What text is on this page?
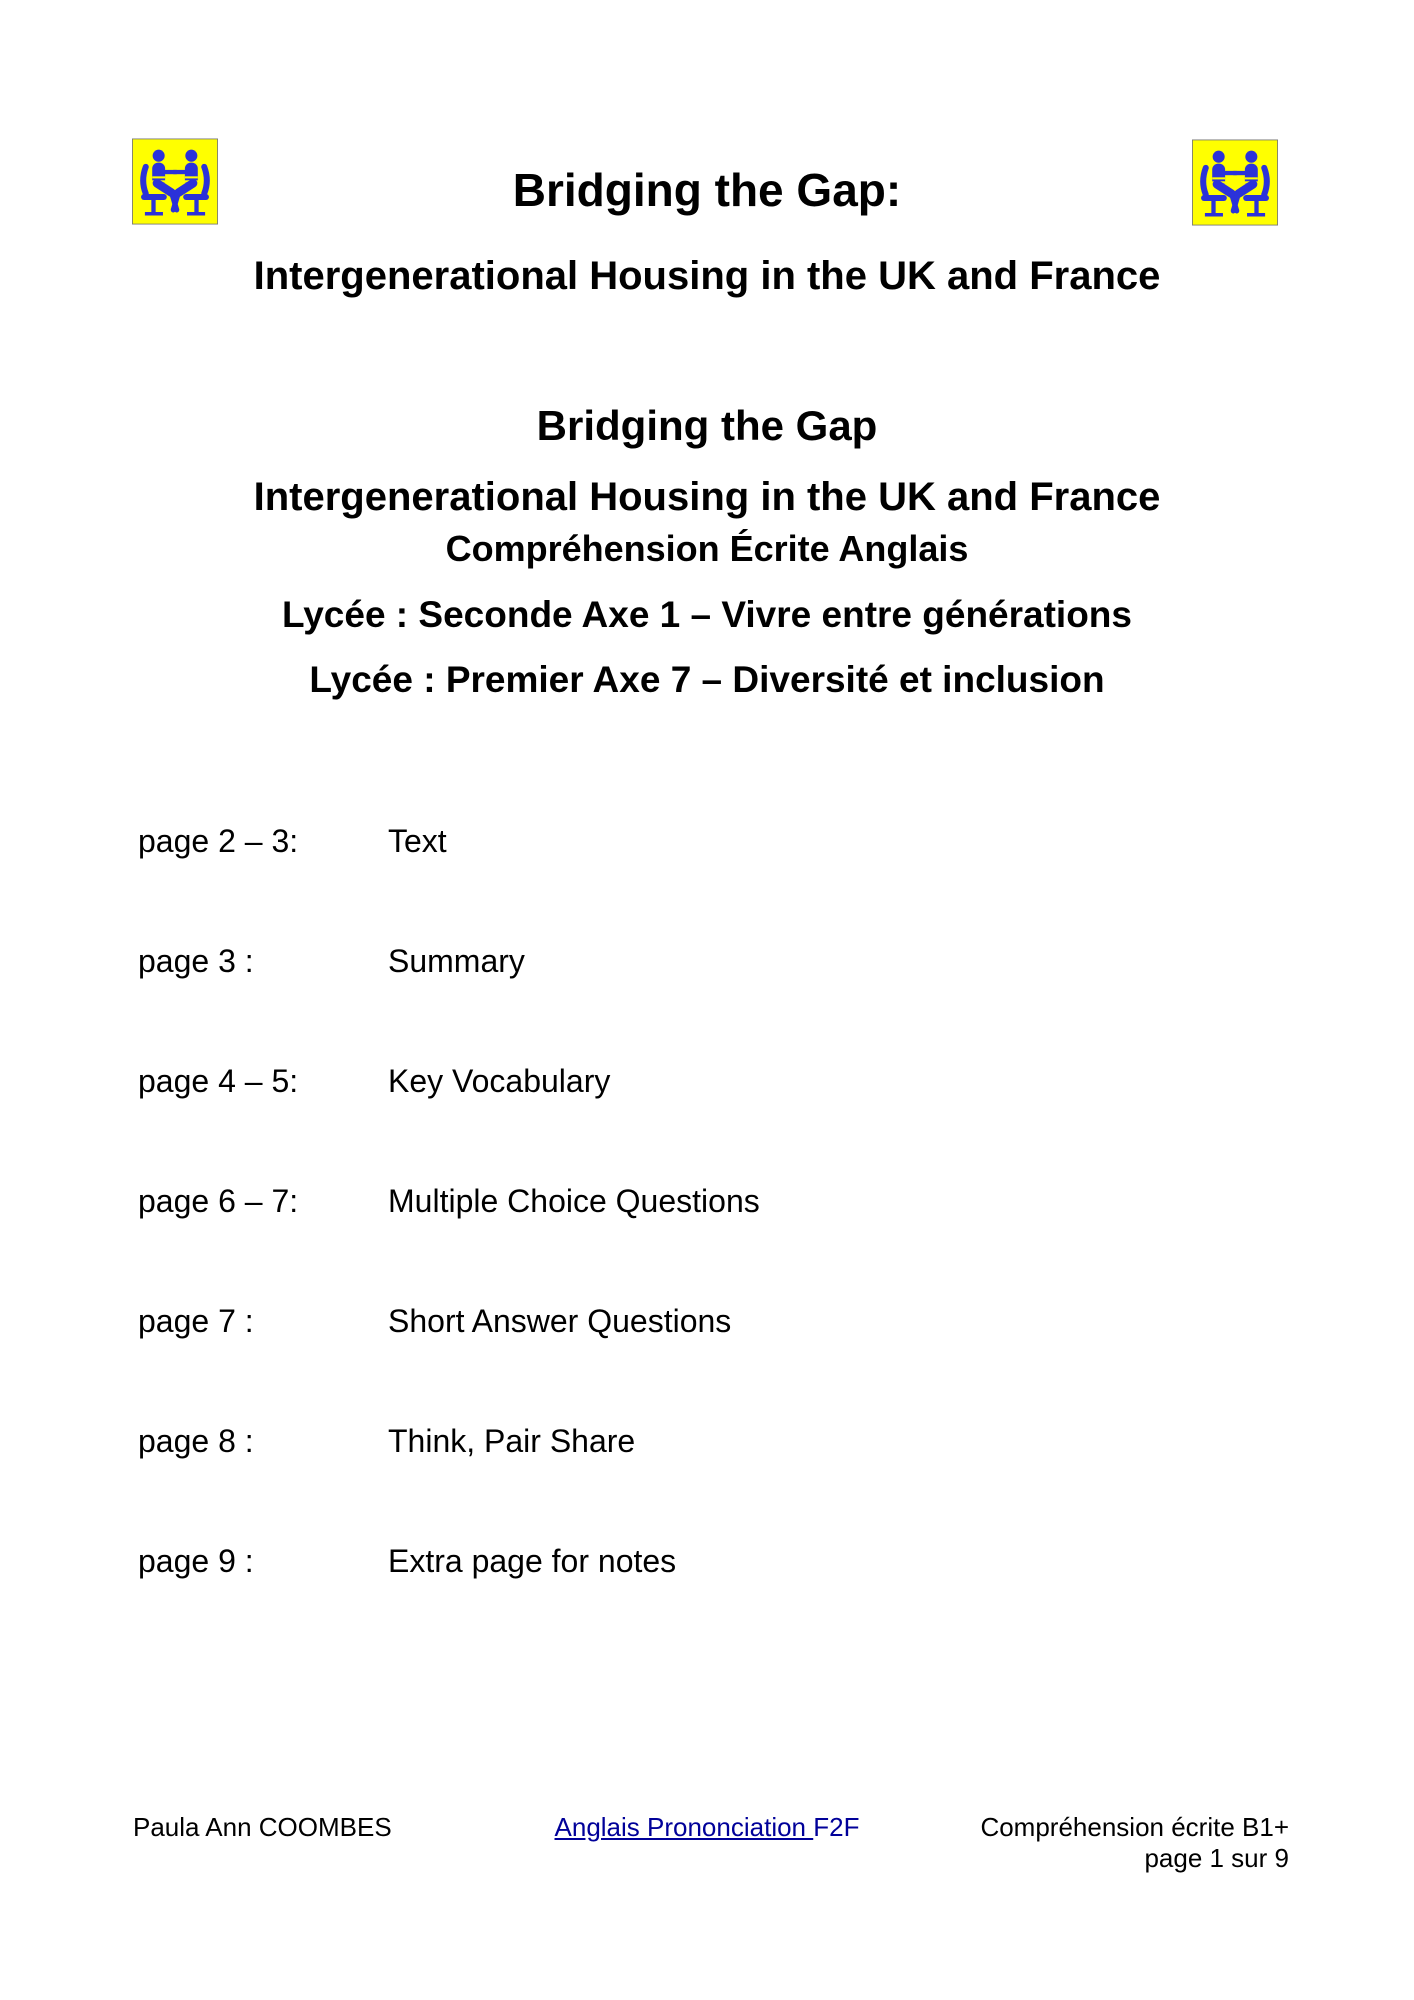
Bridging the Gap:
Intergenerational Housing in the UK and France
Bridging the Gap
Intergenerational Housing in the UK and France
Compréhension Écrite Anglais
Lycée : Seconde Axe 1 – Vivre entre générations
Lycée : Premier Axe 7 – Diversité et inclusion
page 2 – 3:	Text
page 3 :	Summary
page 4 – 5:	Key Vocabulary
page 6 – 7:	Multiple Choice Questions
page 7 :	Short Answer Questions
page 8 :	Think, Pair Share
page 9 :	Extra page for notes
Paula Ann COOMBES	Anglais Prononciation F2F	Compréhension écrite B1+
page 1 sur 9
